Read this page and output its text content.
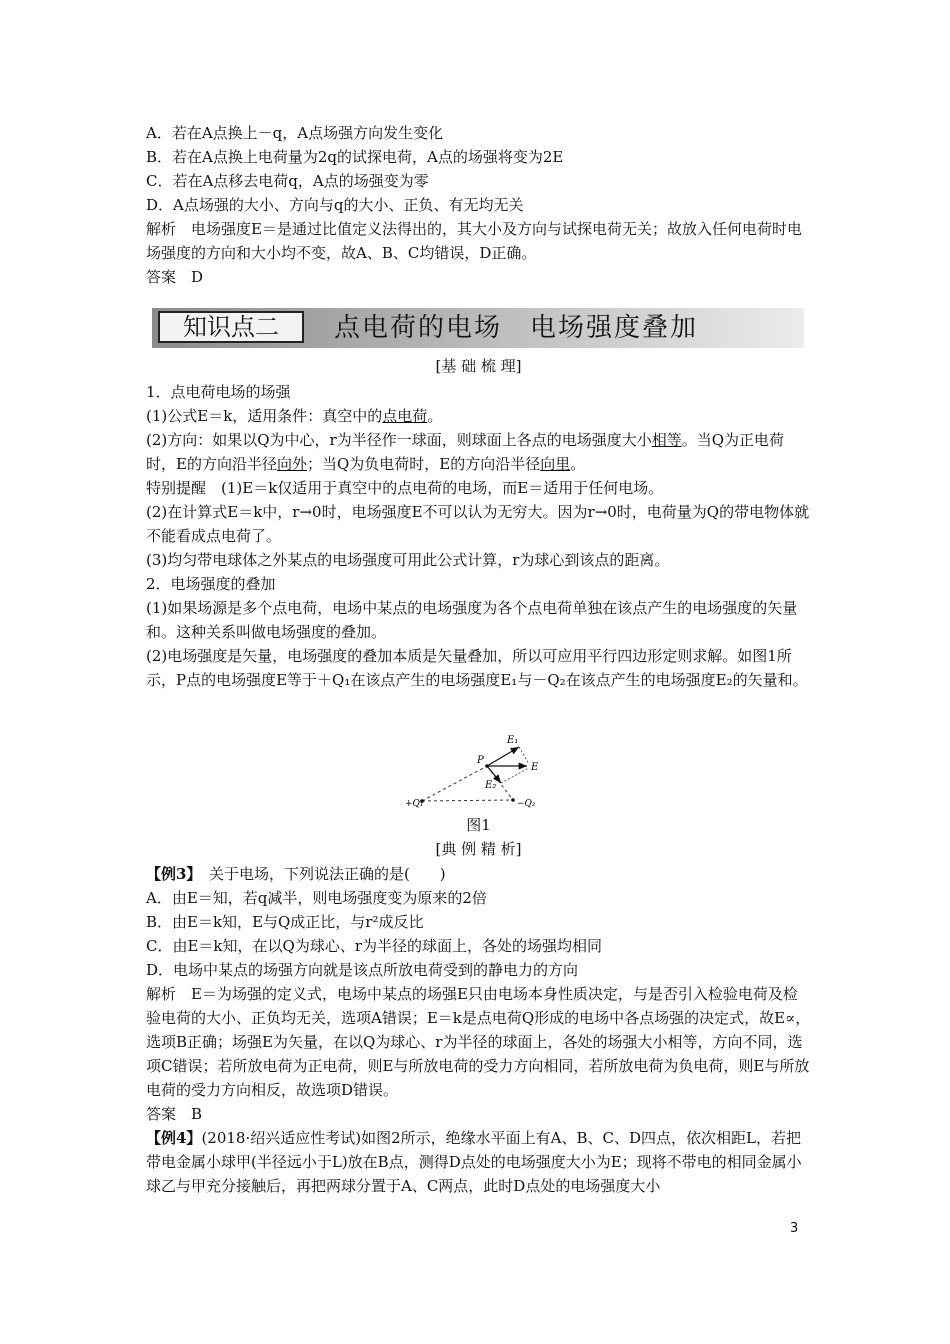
A．若在A点换上－q，A点场强方向发生变化

B．若在A点换上电荷量为2q的试探电荷，A点的场强将变为2E

C．若在A点移去电荷q，A点的场强变为零

D．A点场强的大小、方向与q的大小、正负、有无均无关

解析　电场强度E＝是通过比值定义法得出的，其大小及方向与试探电荷无关；故放入任何电荷时电场强度的方向和大小均不变，故A、B、C均错误，D正确。

答案　D

知识点二	点电荷的电场　电场强度叠加
[基 础 梳 理]

1．点电荷电场的场强

(1)公式E＝k，适用条件：真空中的点电荷。

(2)方向：如果以Q为中心，r为半径作一球面，则球面上各点的电场强度大小相等。当Q为正电荷时，E的方向沿半径向外；当Q为负电荷时，E的方向沿半径向里。

特别提醒　(1)E＝k仅适用于真空中的点电荷的电场，而E＝适用于任何电场。

(2)在计算式E＝k中，r→0时，电场强度E不可以认为无穷大。因为r→0时，电荷量为Q的带电物体就不能看成点电荷了。

(3)均匀带电球体之外某点的电场强度可用此公式计算，r为球心到该点的距离。

2．电场强度的叠加

(1)如果场源是多个点电荷，电场中某点的电场强度为各个点电荷单独在该点产生的电场强度的矢量和。这种关系叫做电场强度的叠加。

(2)电场强度是矢量，电场强度的叠加本质是矢量叠加，所以可应用平行四边形定则求解。如图1所示，P点的电场强度E等于＋Q₁在该点产生的电场强度E₁与－Q₂在该点产生的电场强度E₂的矢量和。

E₁
P
E
E₂
+Q₁	−Q₂
图1
[典 例 精 析]

【例3】　关于电场，下列说法正确的是(　　)

A．由E＝知，若q减半，则电场强度变为原来的2倍

B．由E＝k知，E与Q成正比，与r²成反比

C．由E＝k知，在以Q为球心、r为半径的球面上，各处的场强均相同

D．电场中某点的场强方向就是该点所放电荷受到的静电力的方向

解析　E＝为场强的定义式，电场中某点的场强E只由电场本身性质决定，与是否引入检验电荷及检验电荷的大小、正负均无关，选项A错误；E＝k是点电荷Q形成的电场中各点场强的决定式，故E∝，选项B正确；场强E为矢量，在以Q为球心、r为半径的球面上，各处的场强大小相等，方向不同，选项C错误；若所放电荷为正电荷，则E与所放电荷的受力方向相同，若所放电荷为负电荷，则E与所放电荷的受力方向相反，故选项D错误。

答案　B

【例4】(2018·绍兴适应性考试)如图2所示，绝缘水平面上有A、B、C、D四点，依次相距L，若把带电金属小球甲(半径远小于L)放在B点，测得D点处的电场强度大小为E；现将不带电的相同金属小球乙与甲充分接触后，再把两球分置于A、C两点，此时D点处的电场强度大小

3
